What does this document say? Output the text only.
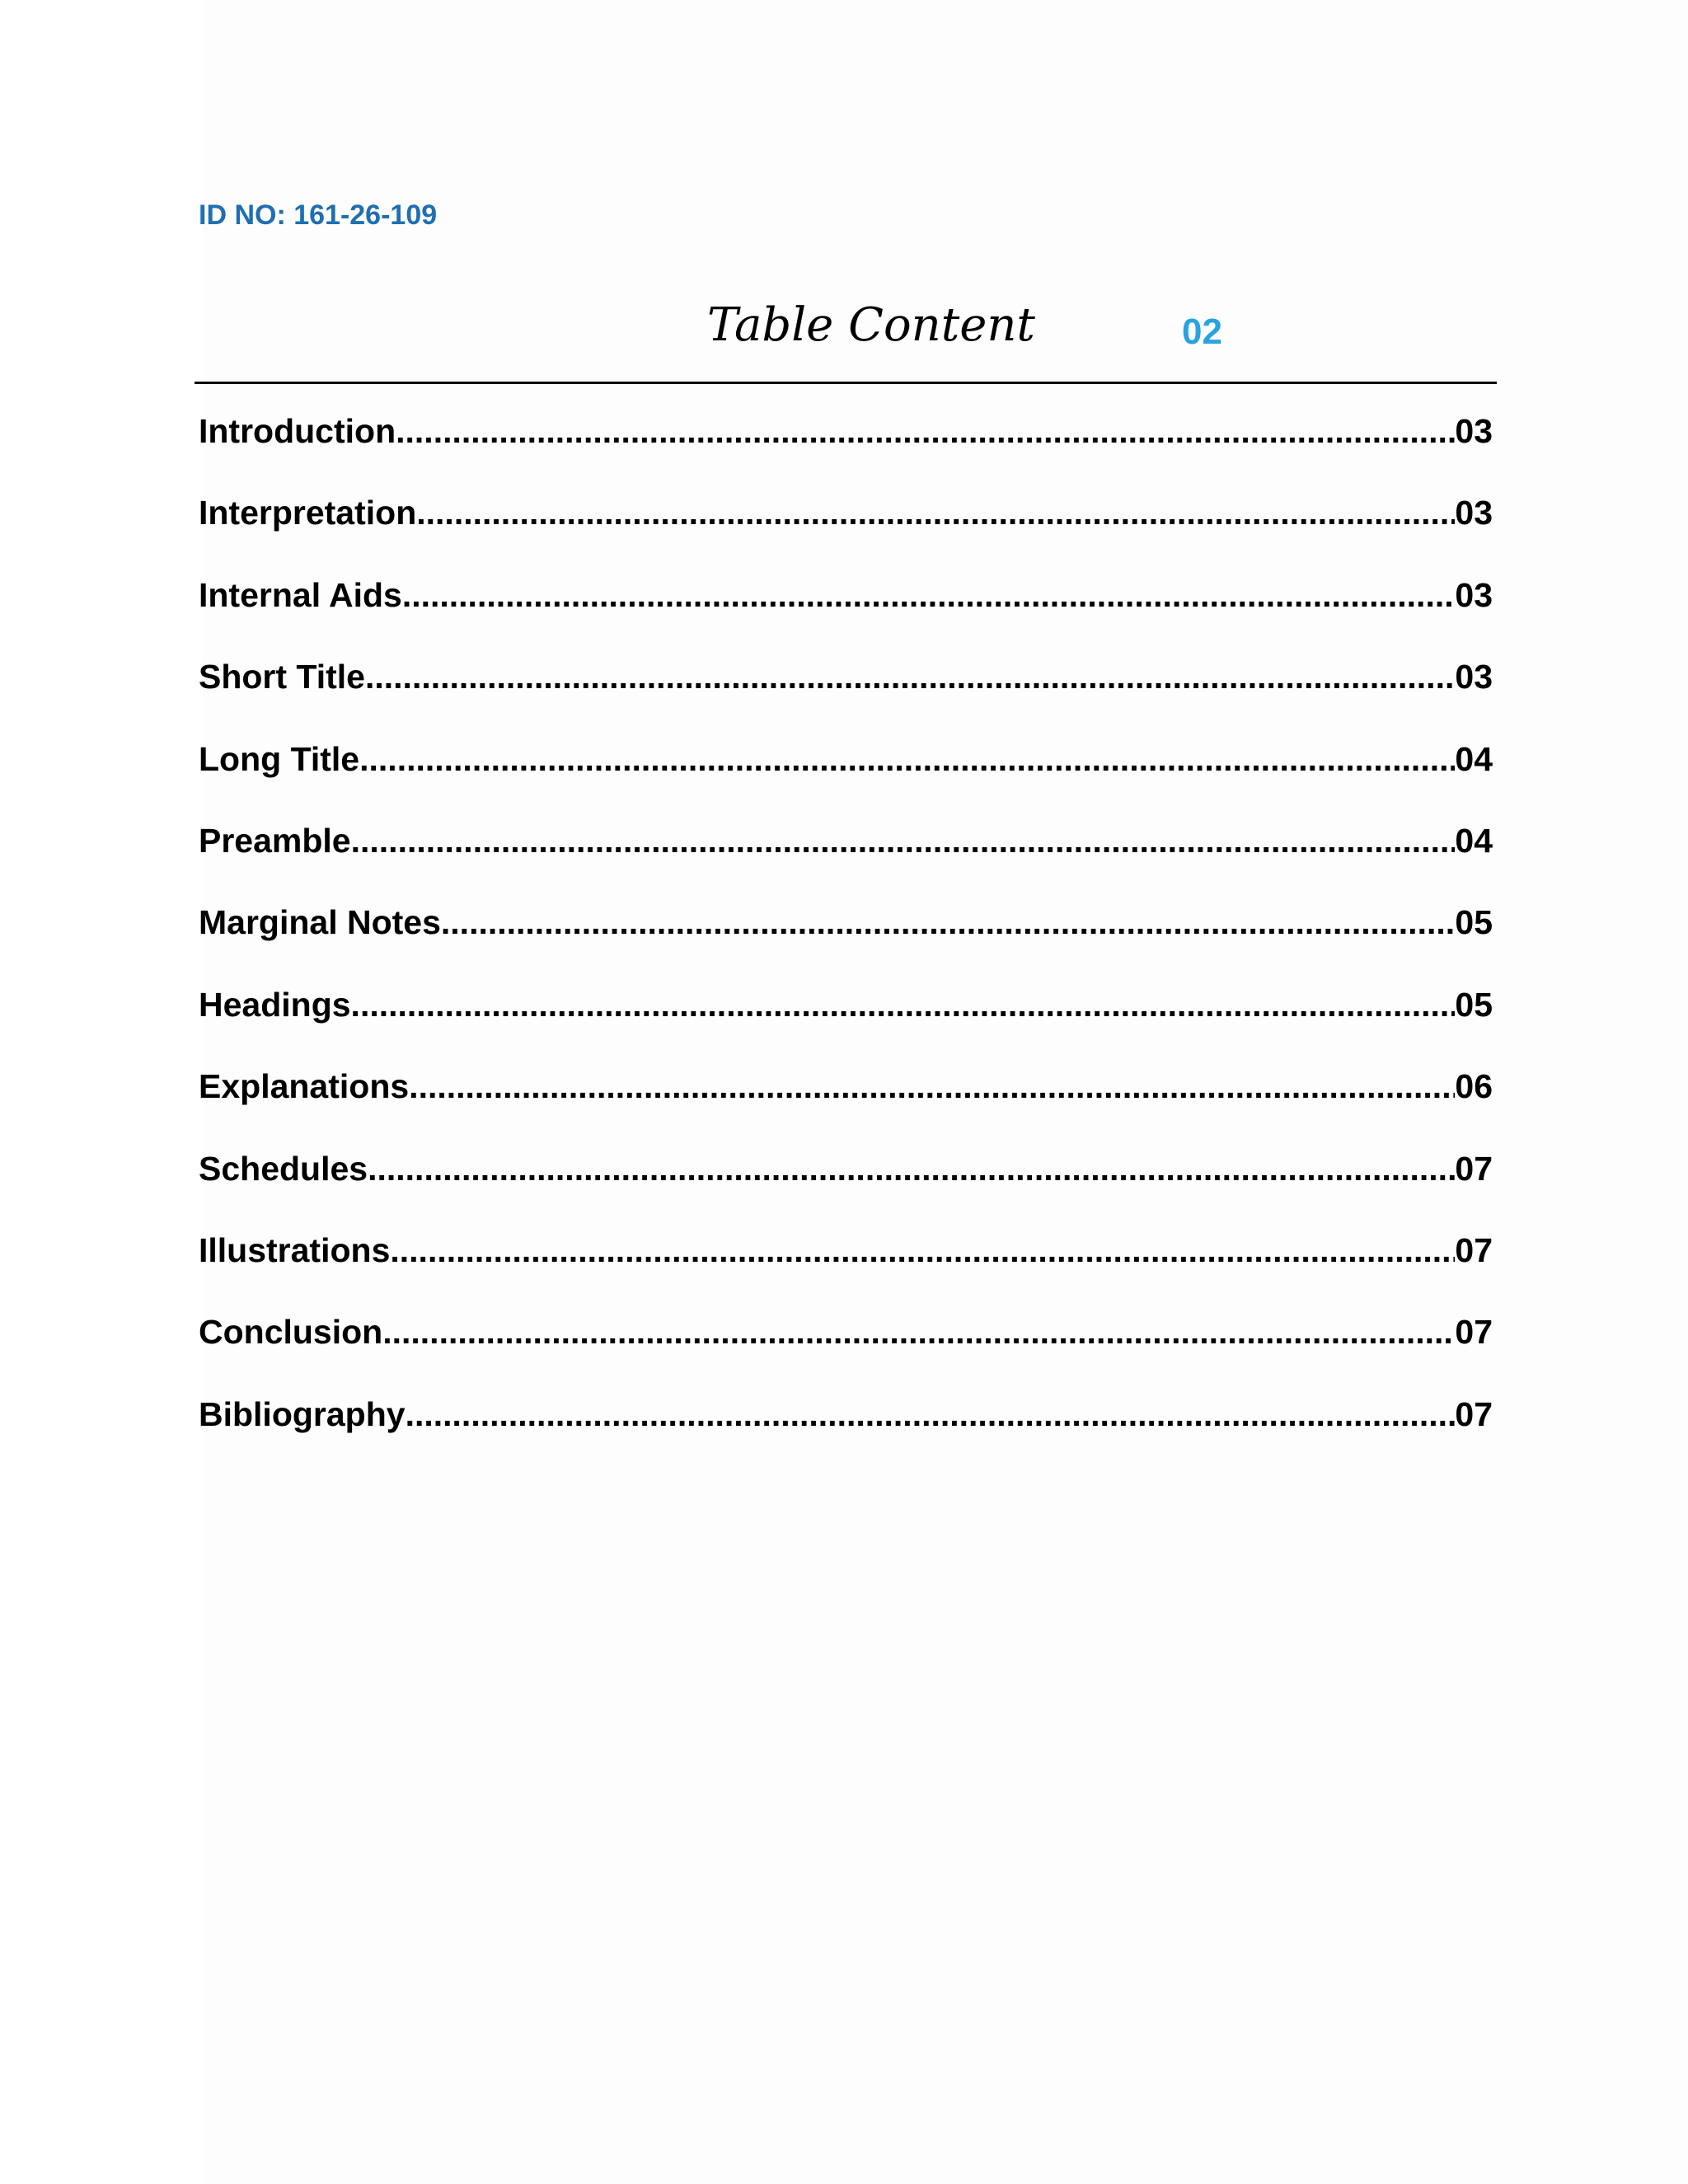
ID NO: 161-26-109
Table Content	02
Introduction .....	03
Interpretation .....	03
Internal Aids .....	03
Short Title .....	03
Long Title .....	04
Preamble .....	04
Marginal Notes .....	05
Headings .....	05
Explanations .....	06
Schedules .....	07
Illustrations .....	07
Conclusion .....	07
Bibliography .....	07
